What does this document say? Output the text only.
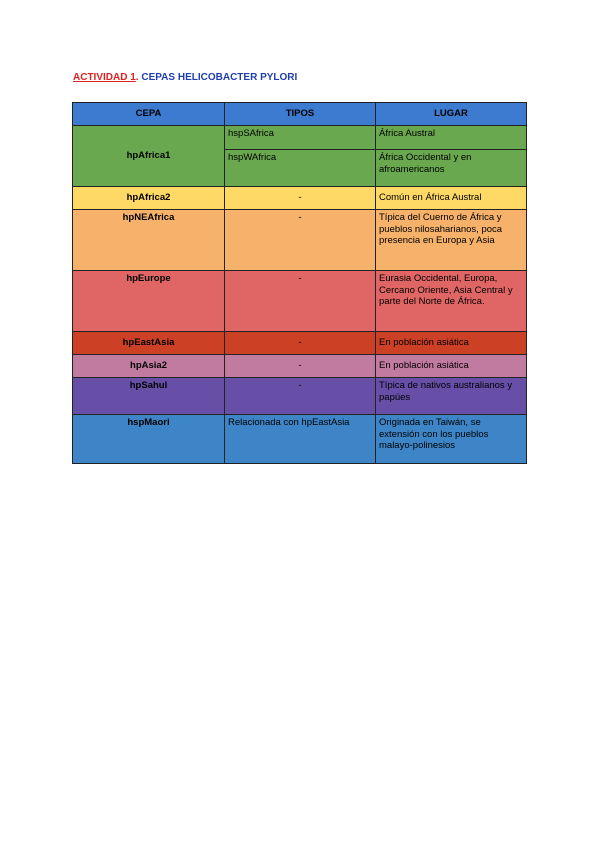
ACTIVIDAD 1. CEPAS HELICOBACTER PYLORI
CEPA	TIPOS	LUGAR
hpAfrica1	hspSAfrica	África Austral
	hspWAfrica	África Occidental y en afroamericanos
hpAfrica2	-	Común en África Austral
hpNEAfrica	-	Típica del Cuerno de África y pueblos nilosaharianos, poca presencia en Europa y Asia
hpEurope	-	Eurasia Occidental, Europa, Cercano Oriente, Asia Central y parte del Norte de África.
hpEastAsia	-	En población asiática
hpAsia2	-	En población asiática
hpSahul	-	Típica de nativos australianos y papúes
hspMaori	Relacionada con hpEastAsia	Originada en Taiwán, se extensión con los pueblos malayo-polinesios
